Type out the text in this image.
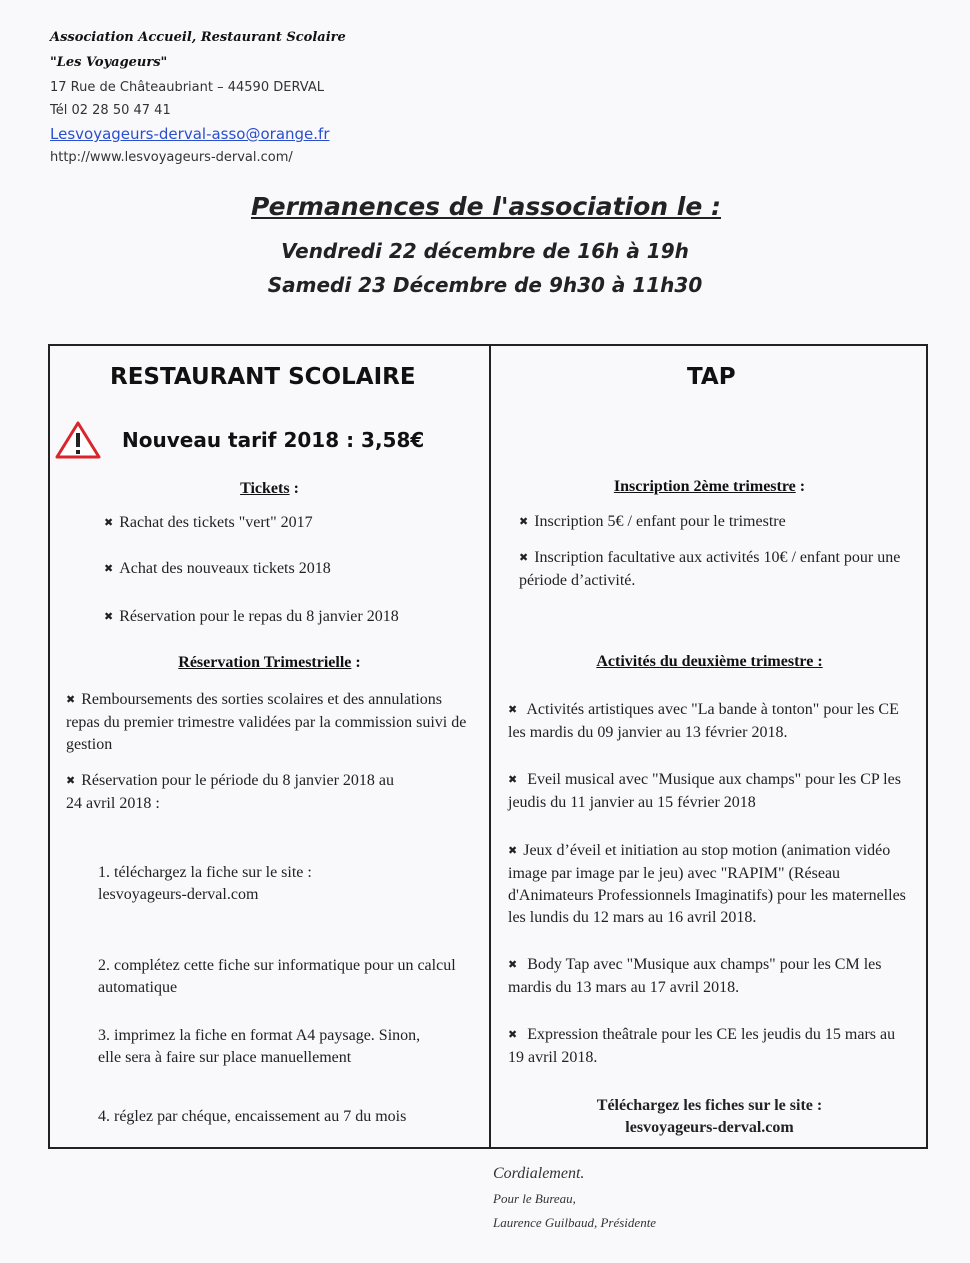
Association Accueil, Restaurant Scolaire
"Les Voyageurs"
17 Rue de Châteaubriant – 44590 DERVAL
Tél 02 28 50 47 41
Lesvoyageurs-derval-asso@orange.fr
http://www.lesvoyageurs-derval.com/
Permanences de l'association le :
Vendredi 22 décembre de 16h à 19h
Samedi 23 Décembre de 9h30 à 11h30
RESTAURANT SCOLAIRE
Nouveau tarif 2018 : 3,58€
Tickets :
✖ Rachat des tickets "vert" 2017
✖ Achat des nouveaux tickets 2018
✖ Réservation pour le repas du 8 janvier 2018
Réservation Trimestrielle :
✖ Remboursements des sorties scolaires et des annulations repas du premier trimestre validées par la commission suivi de gestion
✖ Réservation pour le période du 8 janvier 2018 au 24 avril 2018 :
1. téléchargez la fiche sur le site : lesvoyageurs-derval.com
2. complétez cette fiche sur informatique pour un calcul automatique
3. imprimez la fiche en format A4 paysage. Sinon, elle sera à faire sur place manuellement
4. réglez par chéque, encaissement au 7 du mois
TAP
Inscription 2ème trimestre :
✖ Inscription 5€ / enfant pour le trimestre
✖ Inscription facultative aux activités 10€ / enfant pour une période d’activité.
Activités du deuxième trimestre :
✖ Activités artistiques avec "La bande à tonton" pour les CE les mardis du 09 janvier au 13 février 2018.
✖ Eveil musical avec "Musique aux champs" pour les CP les jeudis du 11 janvier au 15 février 2018
✖ Jeux d’éveil et initiation au stop motion (animation vidéo image par image par le jeu) avec "RAPIM" (Réseau d'Animateurs Professionnels Imaginatifs) pour les maternelles les lundis du 12 mars au 16 avril 2018.
✖ Body Tap avec "Musique aux champs" pour les CM les mardis du 13 mars au 17 avril 2018.
✖ Expression theâtrale pour les CE les jeudis du 15 mars au 19 avril 2018.
Téléchargez les fiches sur le site :
lesvoyageurs-derval.com
Cordialement.
Pour le Bureau,
Laurence Guilbaud, Présidente
